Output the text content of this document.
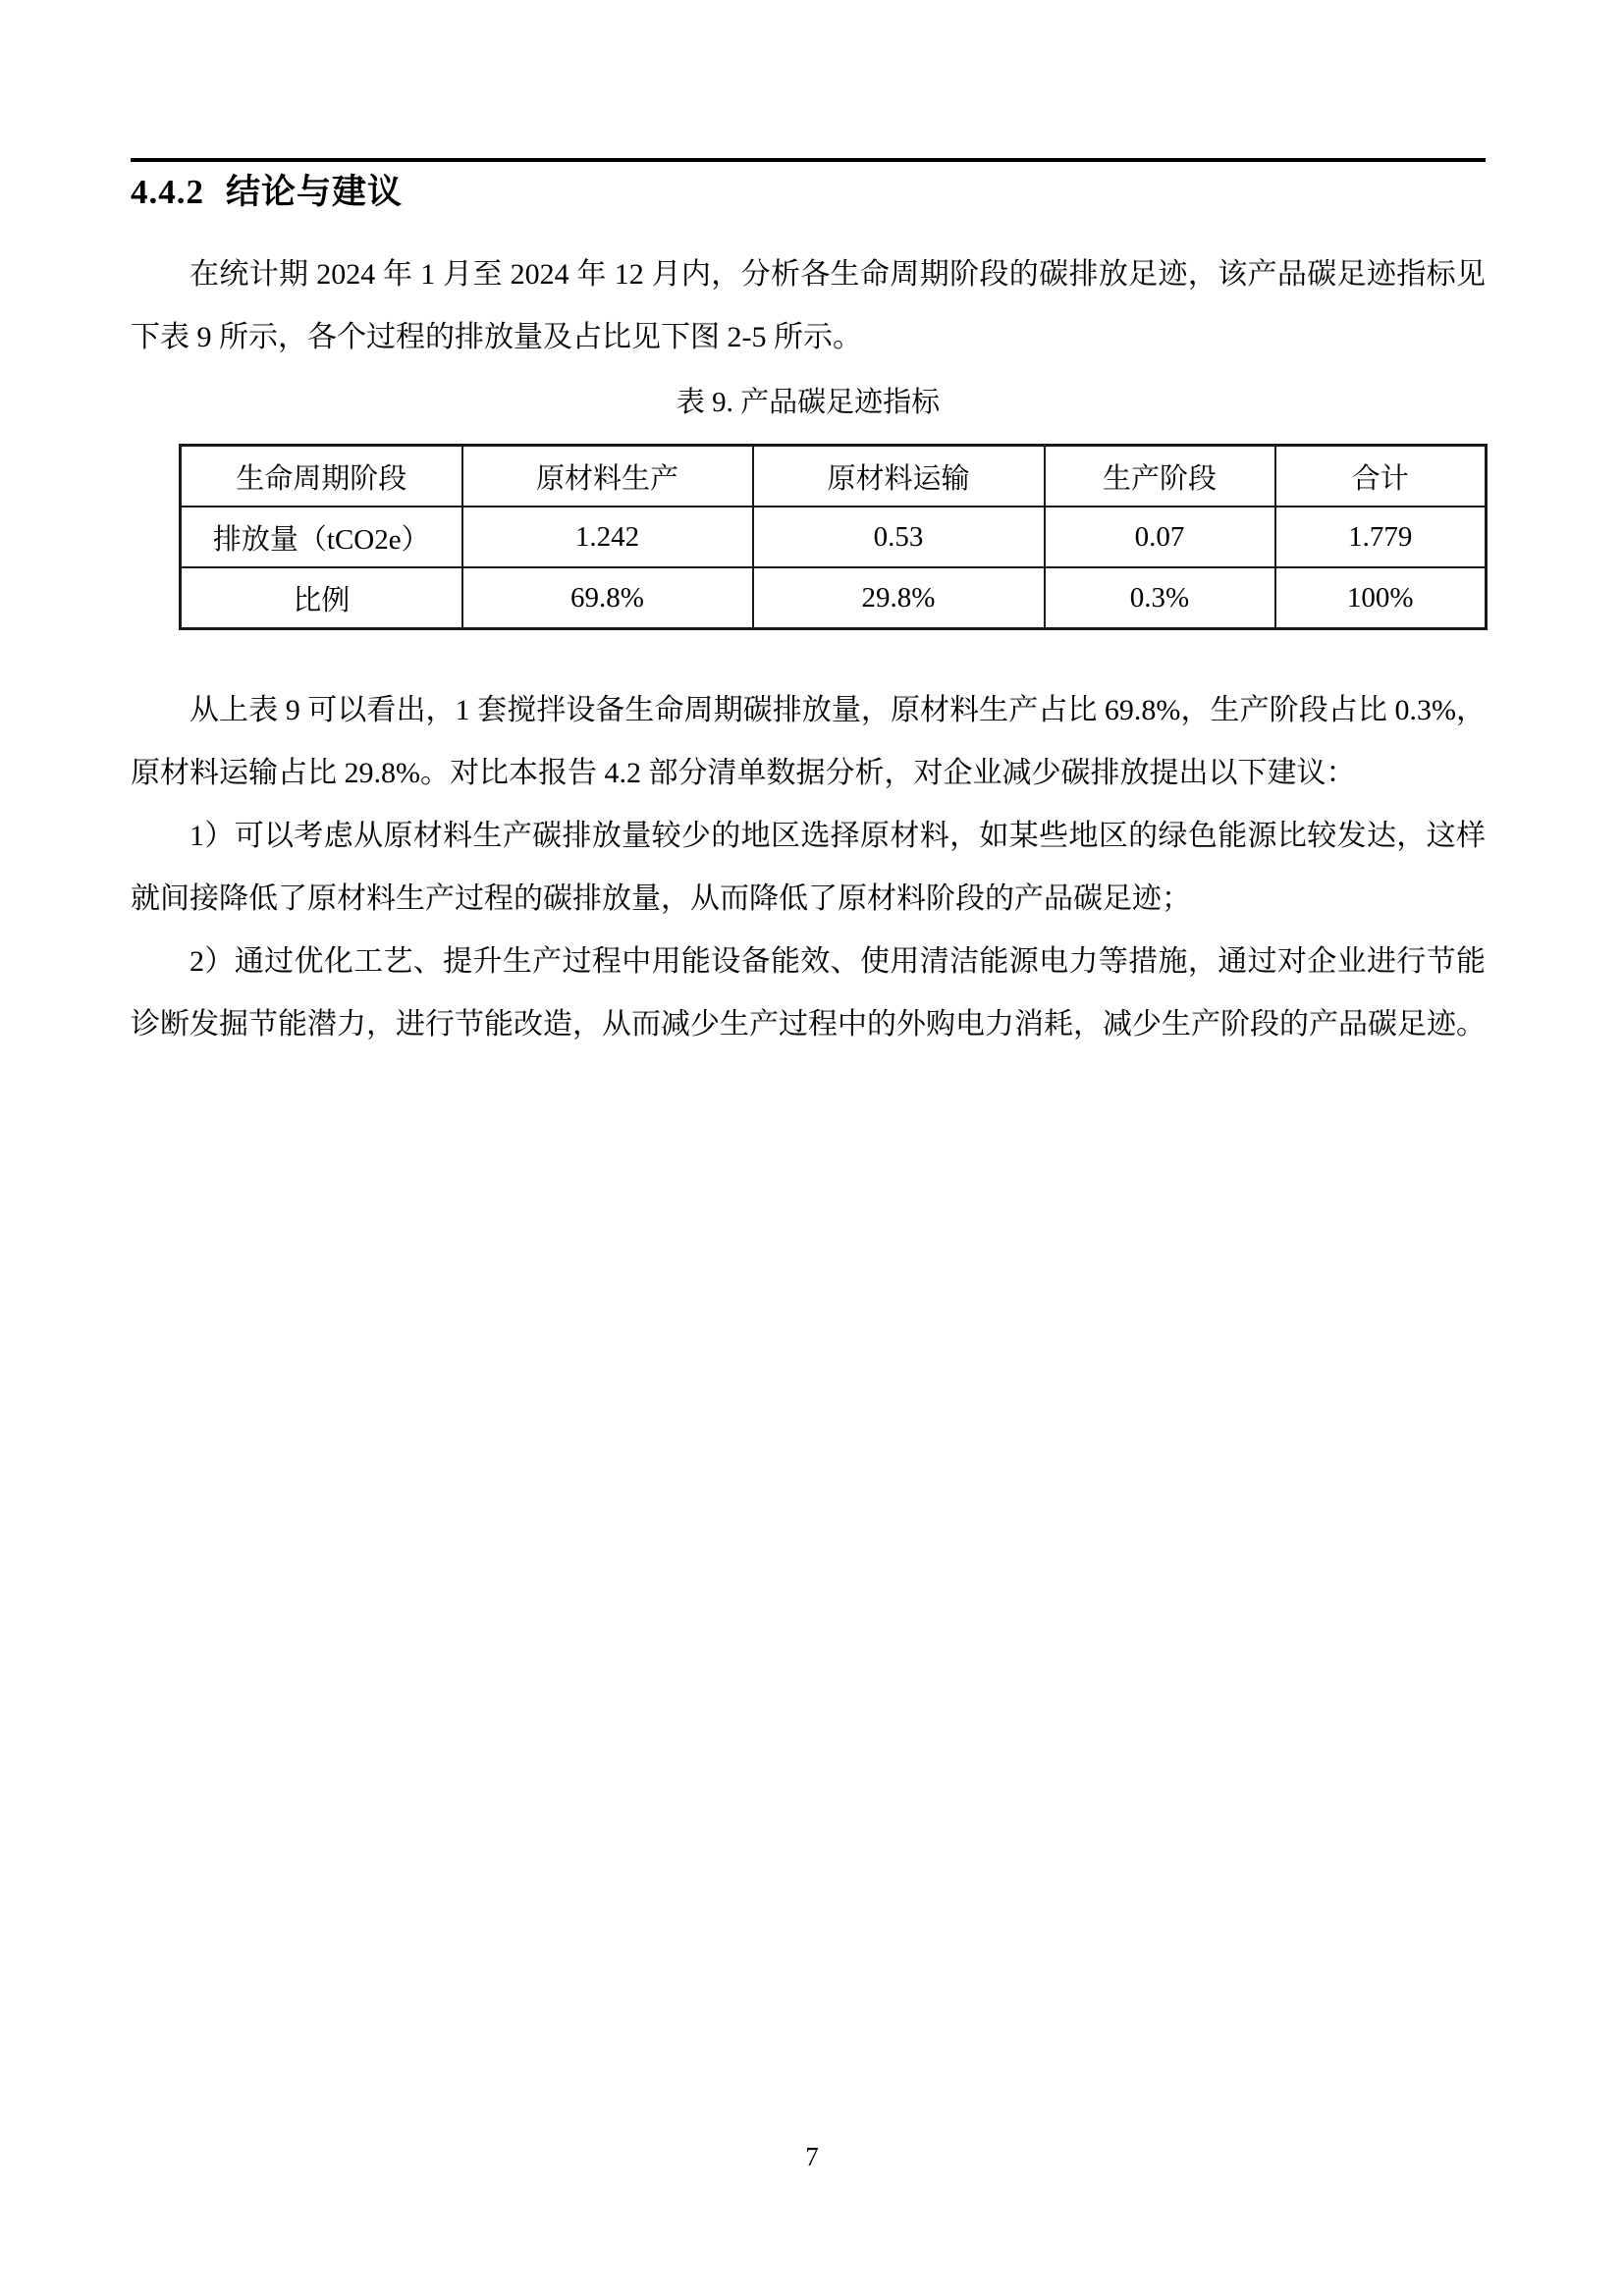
4.4.2 结论与建议

在统计期 2024 年 1 月至 2024 年 12 月内，分析各生命周期阶段的碳排放足迹，该产品碳足迹指标见下表 9 所示，各个过程的排放量及占比见下图 2-5 所示。

表 9. 产品碳足迹指标
生命周期阶段	原材料生产	原材料运输	生产阶段	合计
排放量（tCO2e）	1.242	0.53	0.07	1.779
比例	69.8%	29.8%	0.3%	100%

从上表 9 可以看出，1 套搅拌设备生命周期碳排放量，原材料生产占比 69.8%，生产阶段占比 0.3%，原材料运输占比 29.8%。对比本报告 4.2 部分清单数据分析，对企业减少碳排放提出以下建议：

1）可以考虑从原材料生产碳排放量较少的地区选择原材料，如某些地区的绿色能源比较发达，这样就间接降低了原材料生产过程的碳排放量，从而降低了原材料阶段的产品碳足迹；

2）通过优化工艺、提升生产过程中用能设备能效、使用清洁能源电力等措施，通过对企业进行节能诊断发掘节能潜力，进行节能改造，从而减少生产过程中的外购电力消耗，减少生产阶段的产品碳足迹。

7
